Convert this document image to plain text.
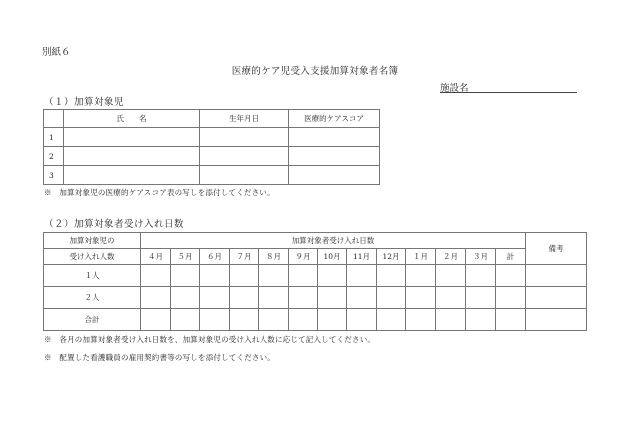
別紙６
医療的ケア児受入支援加算対象者名簿
施設名
（１）加算対象児
	氏　　名	生年月日	医療的ケアスコア
1			
2			
3			
※　加算対象児の医療的ケアスコア表の写しを添付してください。
（２）加算対象者受け入れ日数
加算対象児の	加算対象者受け入れ日数													備考
受け入れ人数	４月	５月	６月	７月	８月	９月	10月	11月	12月	１月	２月	３月	計	
１人														
２人														
合計														
※　各月の加算対象者受け入れ日数を、加算対象児の受け入れ人数に応じて記入してください。
※　配置した看護職員の雇用契約書等の写しを添付してください。
